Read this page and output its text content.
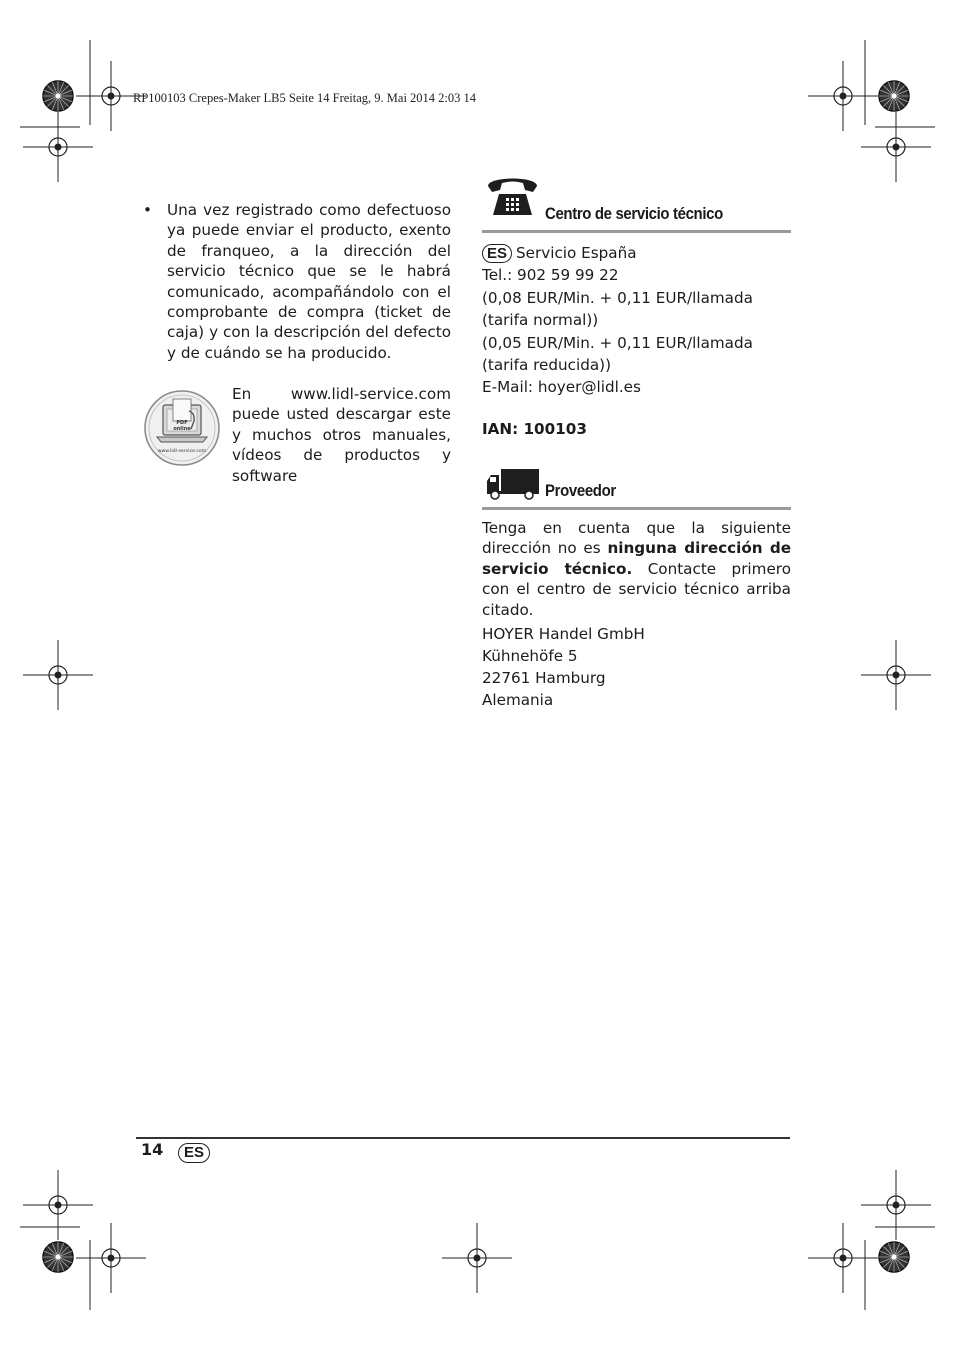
RP100103 Crepes-Maker LB5 Seite 14 Freitag, 9. Mai 2014 2:03 14
• Una vez registrado como defectuoso ya puede enviar el producto, exento de franqueo, a la dirección del servicio técnico que se le habrá comunicado, acompañándolo con el comprobante de compra (ticket de caja) y con la descripción del defecto y de cuándo se ha producido.
PDF
online
www.lidl-service.com
En www.lidl-service.com puede usted descargar este y muchos otros manuales, vídeos de productos y software
Centro de servicio técnico
ES Servicio España
Tel.: 902 59 99 22
(0,08 EUR/Min. + 0,11 EUR/llamada
(tarifa normal))
(0,05 EUR/Min. + 0,11 EUR/llamada
(tarifa reducida))
E-Mail: hoyer@lidl.es
IAN: 100103
Proveedor
Tenga en cuenta que la siguiente dirección no es ninguna dirección de servicio técnico. Contacte primero con el centro de servicio técnico arriba citado.
HOYER Handel GmbH
Kühnehöfe 5
22761 Hamburg
Alemania
14	ES
